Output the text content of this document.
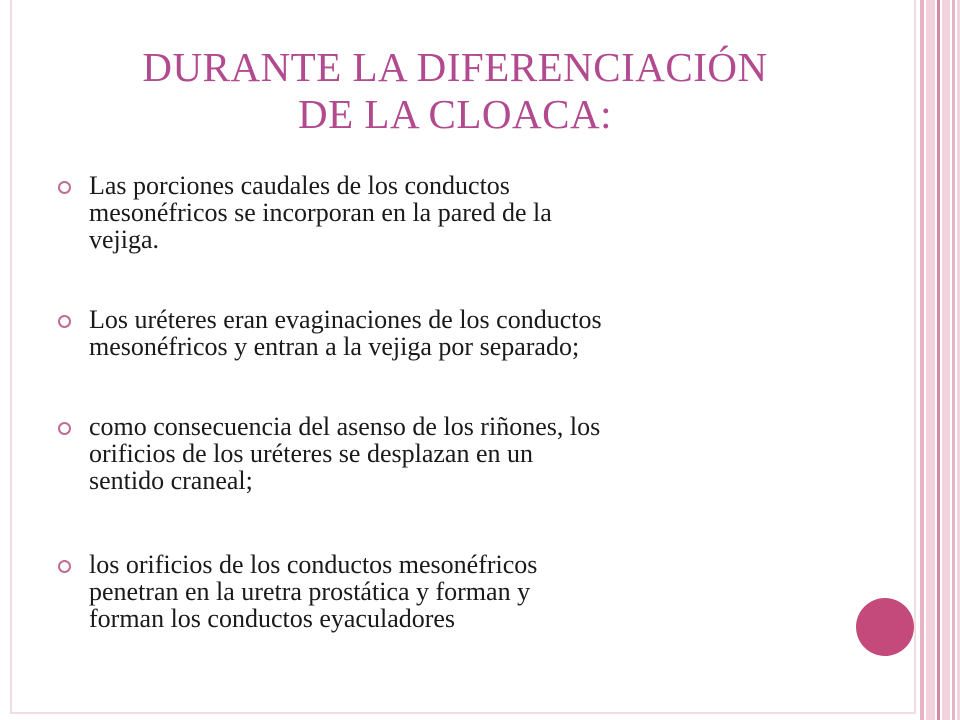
DURANTE LA DIFERENCIACIÓN
DE LA CLOACA:
Las porciones caudales de los conductos
mesonéfricos se incorporan en la pared de la
vejiga.
Los uréteres eran evaginaciones de los conductos
mesonéfricos y entran a la vejiga por separado;
como consecuencia del asenso de los riñones, los
orificios de los uréteres se desplazan en un
sentido craneal;
los orificios de los conductos mesonéfricos
penetran en la uretra prostática y forman y
forman los conductos eyaculadores
